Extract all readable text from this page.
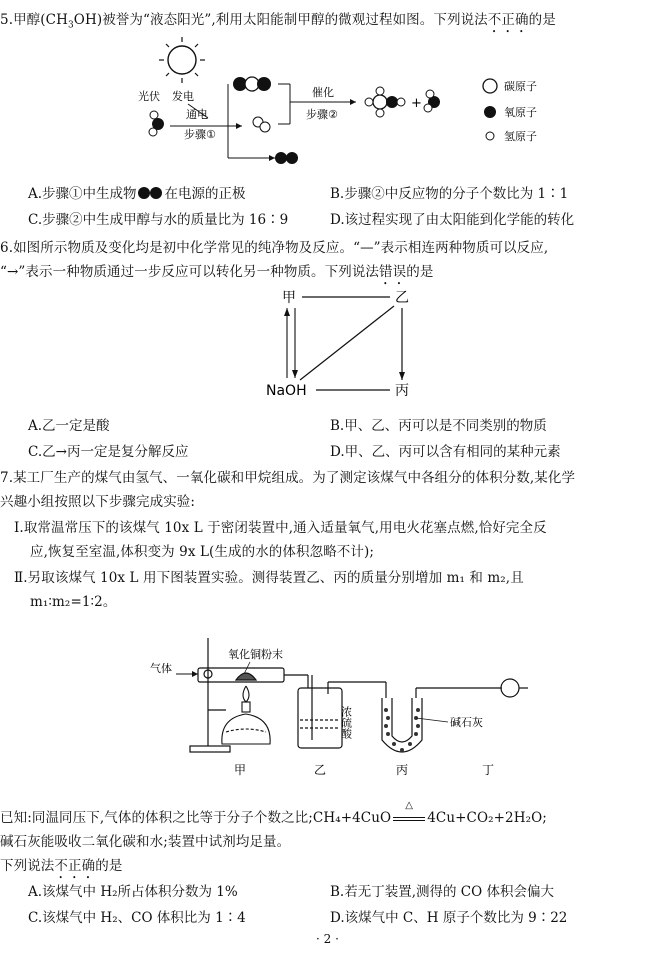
5.甲醇$(CH_3OH)$被誉为“液态阳光”,利用太阳能制甲醇的微观过程如图。下列说法不正确的是
光伏 发电
通电
步骤①
催化
步骤②
+
碳原子
氧原子
氢原子
A.步骤①中生成物 在电源的正极	B.步骤②中反应物的分子个数比为 1∶1
C.步骤②中生成甲醇与水的质量比为 16∶9	D.该过程实现了由太阳能到化学能的转化
6.如图所示物质及变化均是初中化学常见的纯净物及反应。“—”表示相连两种物质可以反应,
“→”表示一种物质通过一步反应可以转化另一种物质。下列说法错误的是
甲	乙
NaOH	丙
A.乙一定是酸	B.甲、乙、丙可以是不同类别的物质
C.乙→丙一定是复分解反应	D.甲、乙、丙可以含有相同的某种元素
7.某工厂生产的煤气由氢气、一氧化碳和甲烷组成。为了测定该煤气中各组分的体积分数,某化学
兴趣小组按照以下步骤完成实验:
Ⅰ.取常温常压下的该煤气 10x L 于密闭装置中,通入适量氧气,用电火花塞点燃,恰好完全反
应,恢复至室温,体积变为 9x L(生成的水的体积忽略不计);
Ⅱ.另取该煤气 10x L 用下图装置实验。测得装置乙、丙的质量分别增加 m₁ 和 m₂,且
m₁∶m₂=1∶2。
气体
氧化铜粉末
浓硫酸	碱石灰
甲	乙	丙	丁
已知:同温同压下,气体的体积之比等于分子个数之比;CH₄+4CuO
△
4Cu+CO₂+2H₂O;
碱石灰能吸收二氧化碳和水;装置中试剂均足量。
下列说法不正确的是
A.该煤气中 H₂所占体积分数为 1%	B.若无丁装置,测得的 CO 体积会偏大
C.该煤气中 H₂、CO 体积比为 1∶4	D.该煤气中 C、H 原子个数比为 9∶22
· 2 ·
